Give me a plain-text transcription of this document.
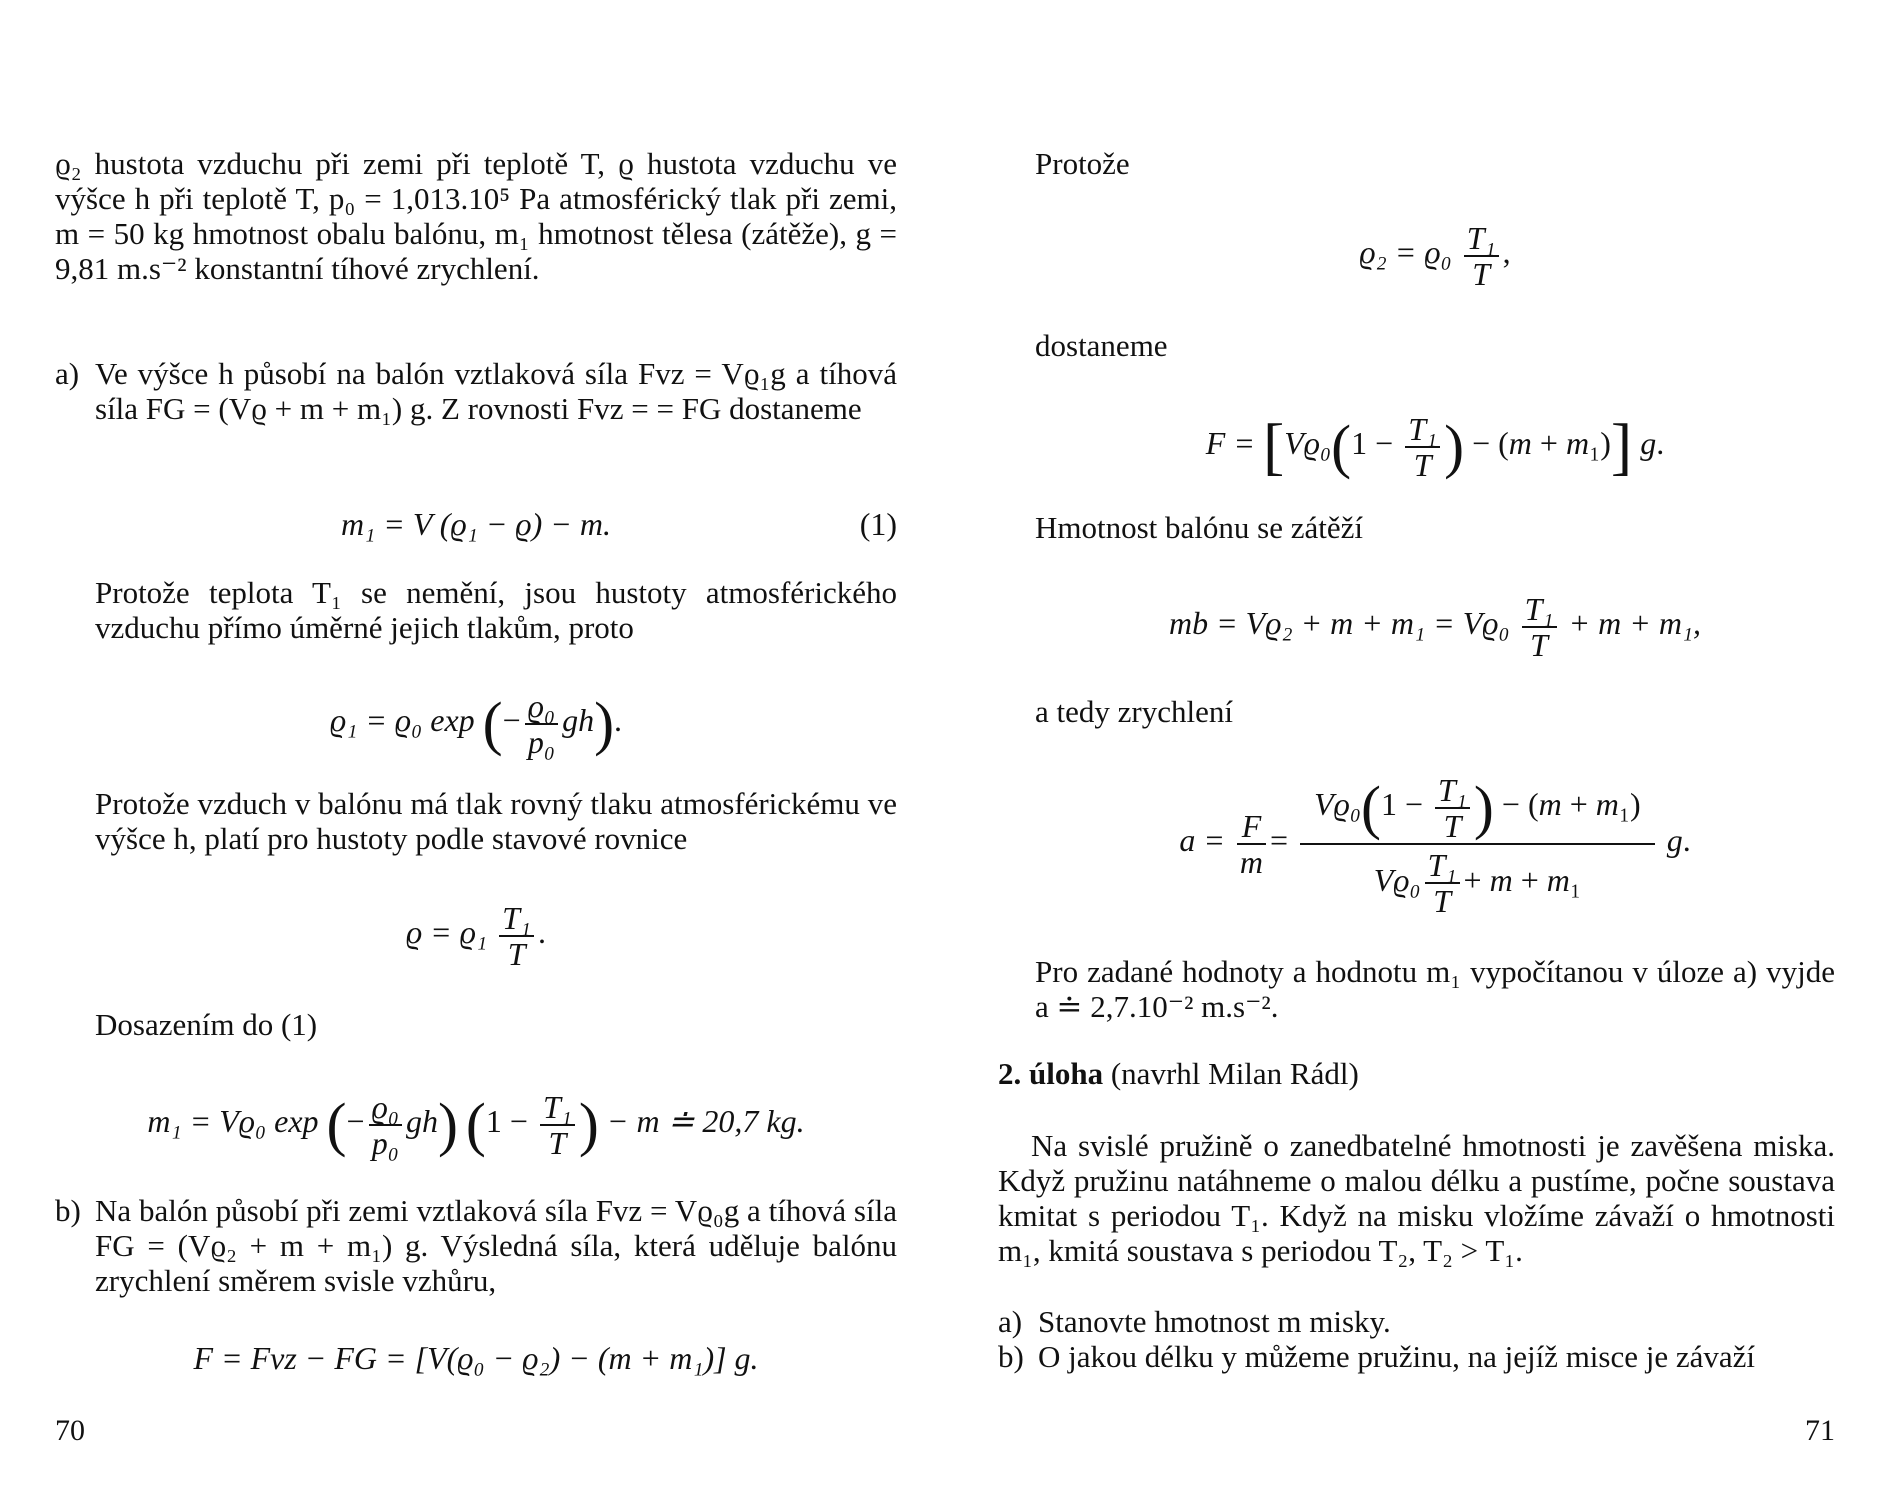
ϱ₂ hustota vzduchu při zemi při teplotě T, ϱ hustota vzduchu ve výšce h při teplotě T, p₀ = 1,013.10⁵ Pa atmosférický tlak při zemi, m = 50 kg hmotnost obalu balónu, m₁ hmotnost tělesa (zátěže), g = 9,81 m.s⁻² konstantní tíhové zrychlení.

a) Ve výšce h působí na balón vztlaková síla Fvz = Vϱ₁g a tíhová síla FG = (Vϱ + m + m₁) g. Z rovnosti Fvz = = FG dostaneme

m₁ = V (ϱ₁ − ϱ) − m.	(1)

Protože teplota T₁ se nemění, jsou hustoty atmosférického vzduchu přímo úměrné jejich tlakům, proto

ϱ₁ = ϱ₀ exp (− $\frac{\text{ϱ₀}}{\text{p₀}} gh$).

Protože vzduch v balónu má tlak rovný tlaku atmosférickému ve výšce h, platí pro hustoty podle stavové rovnice

$ϱ = ϱ_1 \frac{\text{T₁}}{T}$ .

Dosazením do (1)

m₁ = Vϱ₀ exp (− $\frac{\text{ϱ₀}}{\text{p₀}} gh$) ($1 - \frac{\text{T₁}}{T}$ ) − m ≐ 20,7 kg.
b) Na balón působí při zemi vztlaková síla Fvz = Vϱ₀g a tíhová síla FG = (Vϱ₂ + m + m₁) g. Výsledná síla, která uděluje balónu zrychlení směrem svisle vzhůru,

F = Fvz − FG = [V(ϱ₀ − ϱ₂) − (m + m₁)] g.
70

Protože

$ϱ_2 = ϱ_0 \frac{\text{T₁}}{T}$ ,

dostaneme

$F = [Vϱ_0(1 - \frac{\text{T₁}}{T}$ ) − (m + m₁)] g.

Hmotnost balónu se zátěží

mb = $Vϱ_2 + m + m_1 = Vϱ_0 \frac{\text{T₁}}{T} + m + m_1$,

a tedy zrychlení

$a = \frac{F}{m} = \frac{Vϱ_0(1 - \frac{\text{T₁}}{T} ) - (m + m_1)}{Vϱ_0 \frac{\text{T₁}}{T} + m + m_1} g$.

Pro zadané hodnoty a hodnotu m₁ vypočítanou v úloze a) vyjde a ≐ 2,7.10⁻² m.s⁻².

2. úloha (navrhl Milan Rádl)

Na svislé pružině o zanedbatelné hmotnosti je zavěšena miska. Když pružinu natáhneme o malou délku a pustíme, počne soustava kmitat s periodou T₁. Když na misku vložíme závaží o hmotnosti m₁, kmitá soustava s periodou T₂, T₂ > T₁.

a) Stanovte hmotnost m misky.

b) O jakou délku y můžeme pružinu, na jejíž misce je závaží

71
